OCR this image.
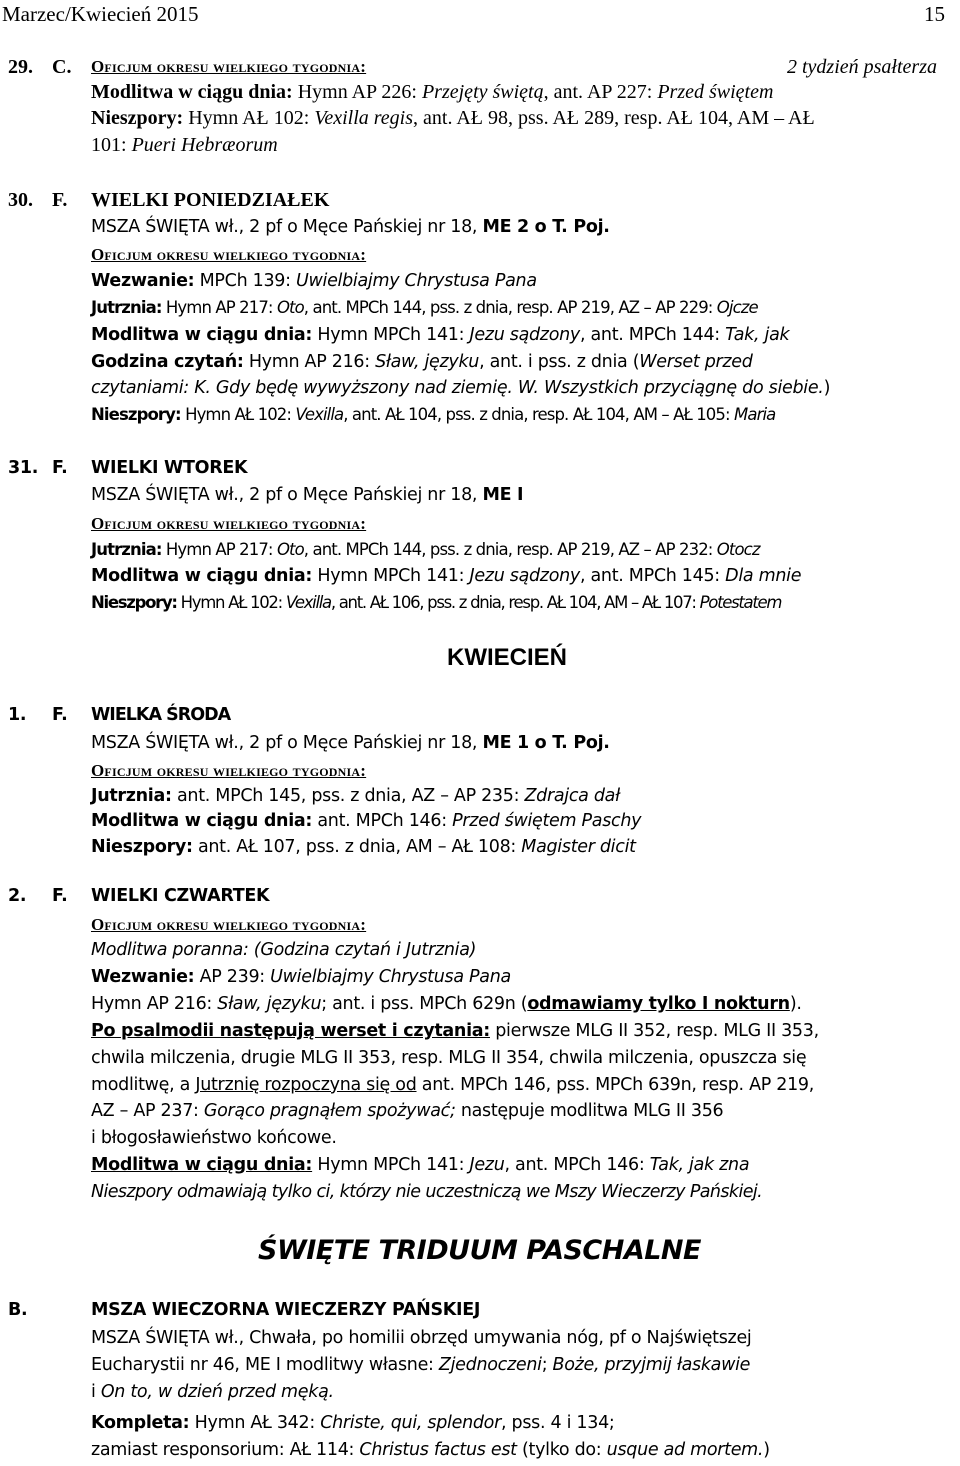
Marzec/Kwiecień 2015	15
29. C. Oficjum okresu wielkiego tygodnia:	2 tydzień psałterza
Modlitwa w ciągu dnia: Hymn AP 226: Przejęty świętą, ant. AP 227: Przed świętem
Nieszpory: Hymn AŁ 102: Vexilla regis, ant. AŁ 98, pss. AŁ 289, resp. AŁ 104, AM – AŁ
101: Pueri Hebræorum
30. F. WIELKI PONIEDZIAŁEK
MSZA ŚWIĘTA wł., 2 pf o Męce Pańskiej nr 18, ME 2 o T. Poj.
Oficjum okresu wielkiego tygodnia:
Wezwanie: MPCh 139: Uwielbiajmy Chrystusa Pana
Jutrznia: Hymn AP 217: Oto, ant. MPCh 144, pss. z dnia, resp. AP 219, AZ – AP 229: Ojcze
Modlitwa w ciągu dnia: Hymn MPCh 141: Jezu sądzony, ant. MPCh 144: Tak, jak
Godzina czytań: Hymn AP 216: Sław, języku, ant. i pss. z dnia (Werset przed
czytaniami: K. Gdy będę wywyższony nad ziemię. W. Wszystkich przyciągnę do siebie.)
Nieszpory: Hymn AŁ 102: Vexilla, ant. AŁ 104, pss. z dnia, resp. AŁ 104, AM – AŁ 105: Maria
31. F. WIELKI WTOREK
MSZA ŚWIĘTA wł., 2 pf o Męce Pańskiej nr 18, ME I
Oficjum okresu wielkiego tygodnia:
Jutrznia: Hymn AP 217: Oto, ant. MPCh 144, pss. z dnia, resp. AP 219, AZ – AP 232: Otocz
Modlitwa w ciągu dnia: Hymn MPCh 141: Jezu sądzony, ant. MPCh 145: Dla mnie
Nieszpory: Hymn AŁ 102: Vexilla, ant. AŁ 106, pss. z dnia, resp. AŁ 104, AM – AŁ 107: Potestatem
KWIECIEŃ
1. F. WIELKA ŚRODA
MSZA ŚWIĘTA wł., 2 pf o Męce Pańskiej nr 18, ME 1 o T. Poj.
Oficjum okresu wielkiego tygodnia:
Jutrznia: ant. MPCh 145, pss. z dnia, AZ – AP 235: Zdrajca dał
Modlitwa w ciągu dnia: ant. MPCh 146: Przed świętem Paschy
Nieszpory: ant. AŁ 107, pss. z dnia, AM – AŁ 108: Magister dicit
2. F. WIELKI CZWARTEK
Oficjum okresu wielkiego tygodnia:
Modlitwa poranna: (Godzina czytań i Jutrznia)
Wezwanie: AP 239: Uwielbiajmy Chrystusa Pana
Hymn AP 216: Sław, języku; ant. i pss. MPCh 629n (odmawiamy tylko I nokturn).
Po psalmodii następują werset i czytania: pierwsze MLG II 352, resp. MLG II 353,
chwila milczenia, drugie MLG II 353, resp. MLG II 354, chwila milczenia, opuszcza się
modlitwę, a Jutrznię rozpoczyna się od ant. MPCh 146, pss. MPCh 639n, resp. AP 219,
AZ – AP 237: Gorąco pragnąłem spożywać; następuje modlitwa MLG II 356
i błogosławieństwo końcowe.
Modlitwa w ciągu dnia: Hymn MPCh 141: Jezu, ant. MPCh 146: Tak, jak zna
Nieszpory odmawiają tylko ci, którzy nie uczestniczą we Mszy Wieczerzy Pańskiej.
ŚWIĘTE TRIDUUM PASCHALNE
B.	MSZA WIECZORNA WIECZERZY PAŃSKIEJ
MSZA ŚWIĘTA wł., Chwała, po homilii obrzęd umywania nóg, pf o Najświętszej
Eucharystii nr 46, ME I modlitwy własne: Zjednoczeni; Boże, przyjmij łaskawie
i On to, w dzień przed męką.
Kompleta: Hymn AŁ 342: Christe, qui, splendor, pss. 4 i 134;
zamiast responsorium: AŁ 114: Christus factus est (tylko do: usque ad mortem.)
